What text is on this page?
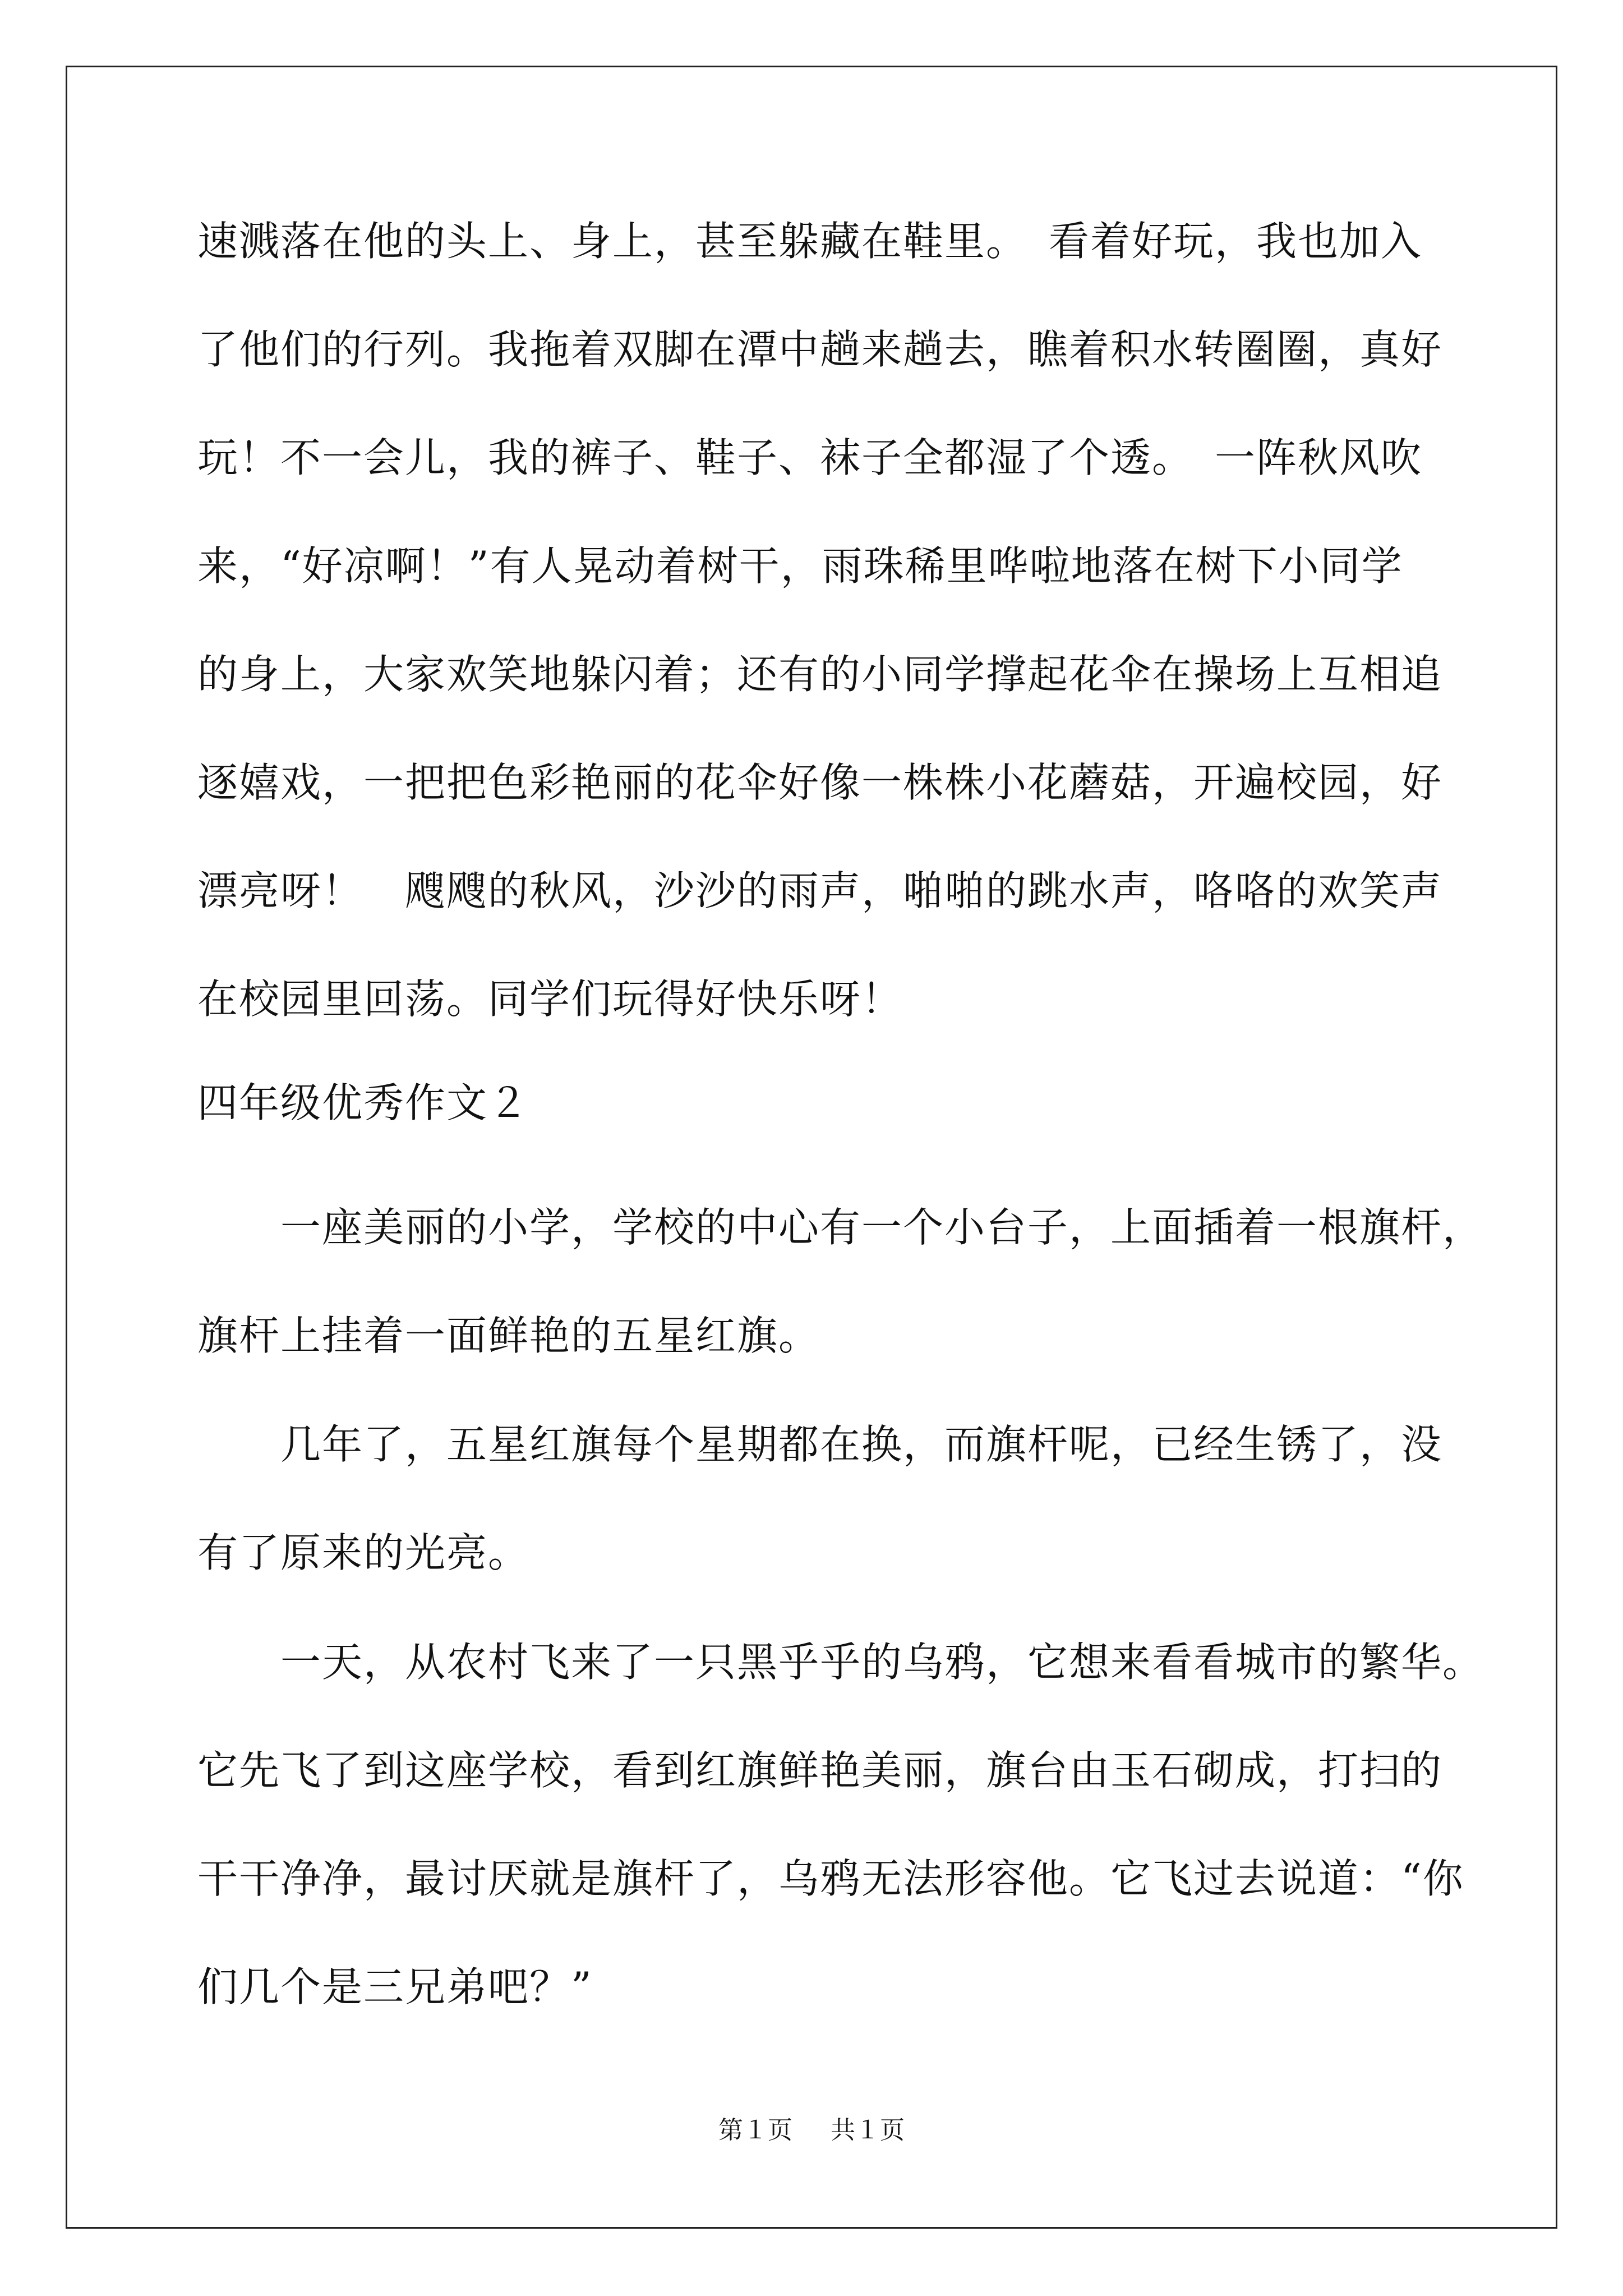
速溅落在他的头上、身上，甚至躲藏在鞋里。　看着好玩，我也加入
了他们的行列。我拖着双脚在潭中趟来趟去，瞧着积水转圈圈，真好
玩！不一会儿，我的裤子、鞋子、袜子全都湿了个透。　一阵秋风吹
来，“好凉啊！”有人晃动着树干，雨珠稀里哗啦地落在树下小同学
的身上，大家欢笑地躲闪着；还有的小同学撑起花伞在操场上互相追
逐嬉戏，一把把色彩艳丽的花伞好像一株株小花蘑菇，开遍校园，好
漂亮呀！　飕飕的秋风，沙沙的雨声，啪啪的跳水声，咯咯的欢笑声
在校园里回荡。同学们玩得好快乐呀！
四年级优秀作文２
　　一座美丽的小学，学校的中心有一个小台子，上面插着一根旗杆，
旗杆上挂着一面鲜艳的五星红旗。
　　几年了，五星红旗每个星期都在换，而旗杆呢，已经生锈了，没
有了原来的光亮。
　　一天，从农村飞来了一只黑乎乎的乌鸦，它想来看看城市的繁华。
它先飞了到这座学校，看到红旗鲜艳美丽，旗台由玉石砌成，打扫的
干干净净，最讨厌就是旗杆了，乌鸦无法形容他。它飞过去说道：“你
们几个是三兄弟吧？”
第１页 共１页
